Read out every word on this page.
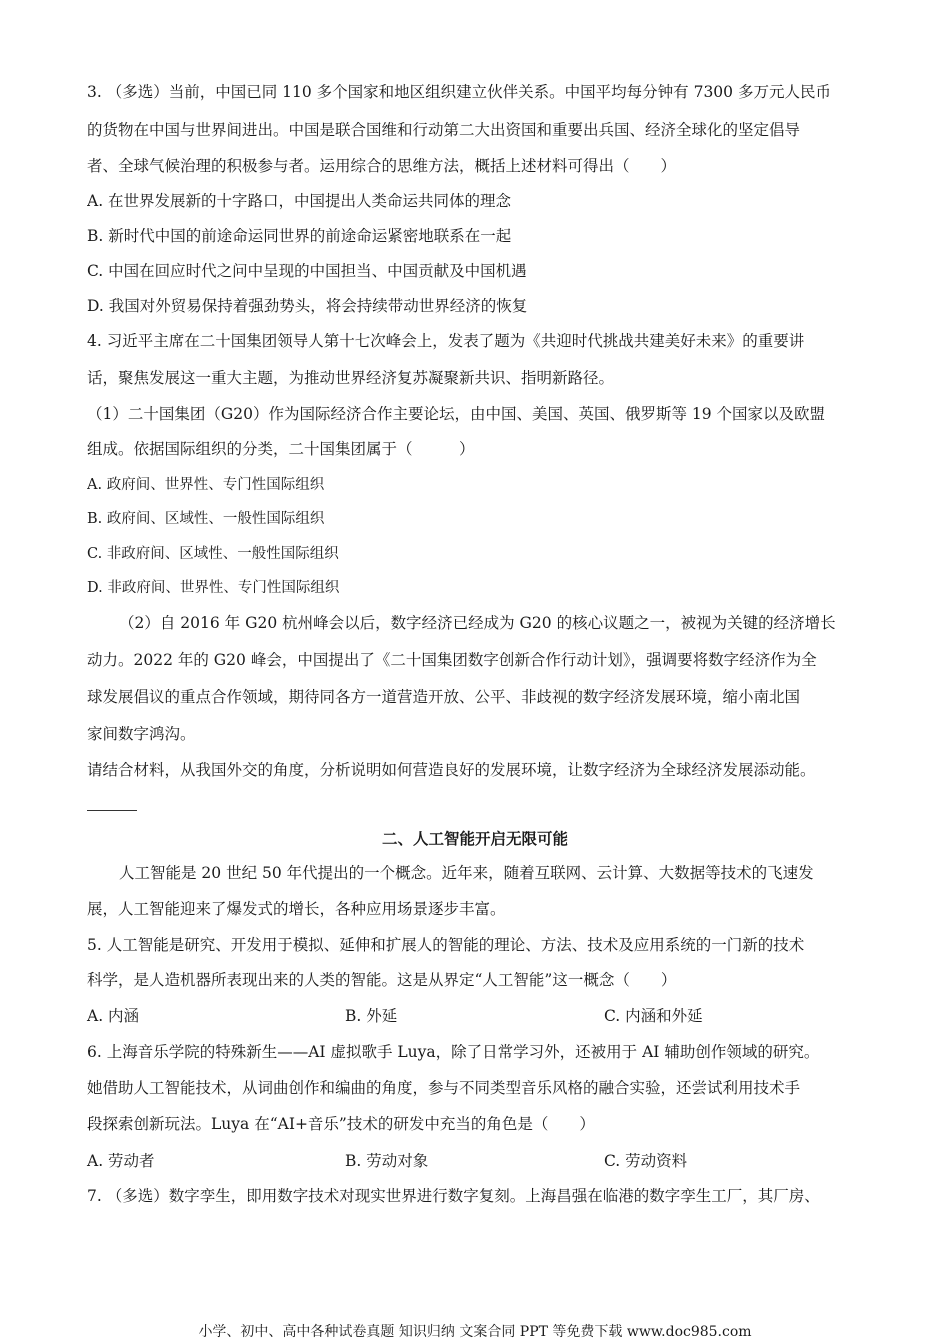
3. （多选）当前，中国已同 110 多个国家和地区组织建立伙伴关系。中国平均每分钟有 7300 多万元人民币
的货物在中国与世界间进出。中国是联合国维和行动第二大出资国和重要出兵国、经济全球化的坚定倡导
者、全球气候治理的积极参与者。运用综合的思维方法，概括上述材料可得出（　　）
A. 在世界发展新的十字路口，中国提出人类命运共同体的理念
B. 新时代中国的前途命运同世界的前途命运紧密地联系在一起
C. 中国在回应时代之问中呈现的中国担当、中国贡献及中国机遇
D. 我国对外贸易保持着强劲势头，将会持续带动世界经济的恢复
4. 习近平主席在二十国集团领导人第十七次峰会上，发表了题为《共迎时代挑战共建美好未来》的重要讲
话，聚焦发展这一重大主题，为推动世界经济复苏凝聚新共识、指明新路径。
（1）二十国集团（G20）作为国际经济合作主要论坛，由中国、美国、英国、俄罗斯等 19 个国家以及欧盟
组成。依据国际组织的分类，二十国集团属于（　　　）
A. 政府间、世界性、专门性国际组织
B. 政府间、区域性、一般性国际组织
C. 非政府间、区域性、一般性国际组织
D. 非政府间、世界性、专门性国际组织
（2）自 2016 年 G20 杭州峰会以后，数字经济已经成为 G20 的核心议题之一，被视为关键的经济增长
动力。2022 年的 G20 峰会，中国提出了《二十国集团数字创新合作行动计划》，强调要将数字经济作为全
球发展倡议的重点合作领域，期待同各方一道营造开放、公平、非歧视的数字经济发展环境，缩小南北国
家间数字鸿沟。
请结合材料，从我国外交的角度，分析说明如何营造良好的发展环境，让数字经济为全球经济发展添动能。
二、人工智能开启无限可能
人工智能是 20 世纪 50 年代提出的一个概念。近年来，随着互联网、云计算、大数据等技术的飞速发
展，人工智能迎来了爆发式的增长，各种应用场景逐步丰富。
5. 人工智能是研究、开发用于模拟、延伸和扩展人的智能的理论、方法、技术及应用系统的一门新的技术
科学，是人造机器所表现出来的人类的智能。这是从界定“人工智能”这一概念（　　）
A. 内涵	B. 外延	C. 内涵和外延
6. 上海音乐学院的特殊新生——AI 虚拟歌手 Luya，除了日常学习外，还被用于 AI 辅助创作领域的研究。
她借助人工智能技术，从词曲创作和编曲的角度，参与不同类型音乐风格的融合实验，还尝试利用技术手
段探索创新玩法。Luya 在“AI+音乐”技术的研发中充当的角色是（　　）
A. 劳动者	B. 劳动对象	C. 劳动资料
7. （多选）数字孪生，即用数字技术对现实世界进行数字复刻。上海昌强在临港的数字孪生工厂，其厂房、
小学、初中、高中各种试卷真题 知识归纳 文案合同 PPT 等免费下载 www.doc985.com
